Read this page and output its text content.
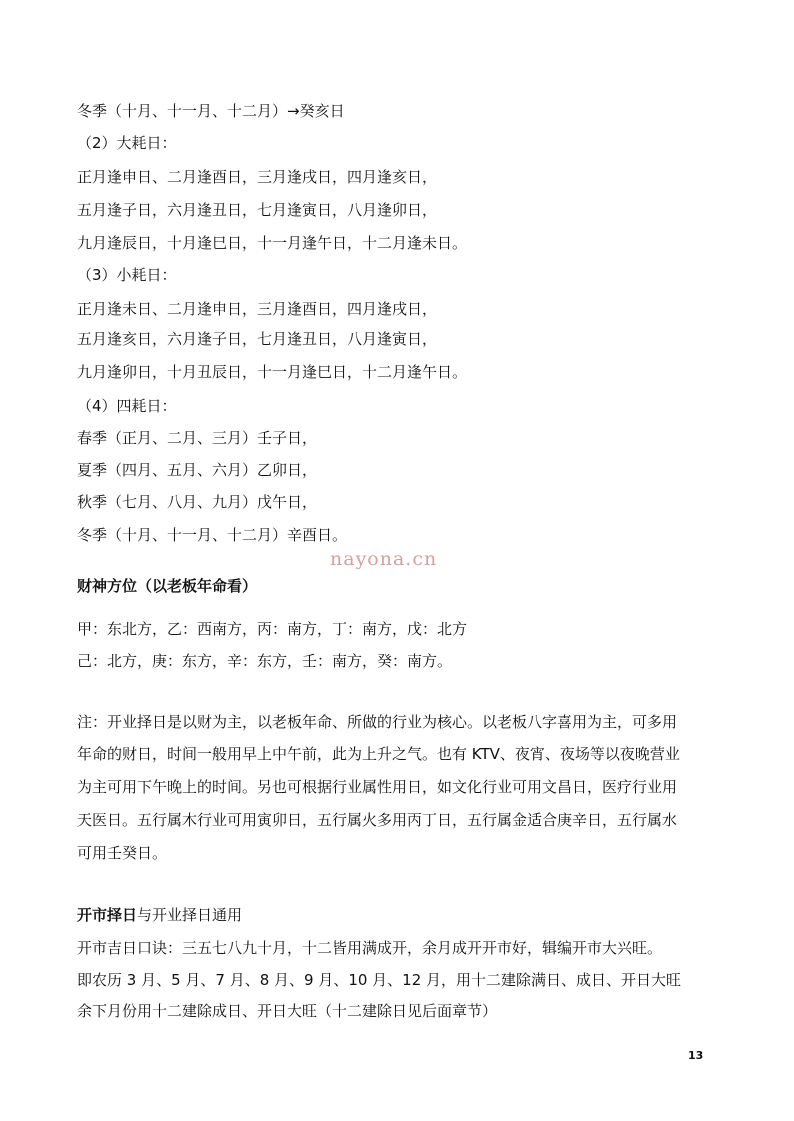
冬季（十月、十一月、十二月）→癸亥日
（2）大耗日：
正月逢申日、二月逢酉日，三月逢戌日，四月逢亥日，
五月逢子日，六月逢丑日，七月逢寅日，八月逢卯日，
九月逢辰日，十月逢巳日，十一月逢午日，十二月逢未日。
（3）小耗日：
正月逢未日、二月逢申日，三月逢酉日，四月逢戌日，
五月逢亥日，六月逢子日，七月逢丑日，八月逢寅日，
九月逢卯日，十月丑辰日，十一月逢巳日，十二月逢午日。
（4）四耗日：
春季（正月、二月、三月）壬子日，
夏季（四月、五月、六月）乙卯日，
秋季（七月、八月、九月）戊午日，
冬季（十月、十一月、十二月）辛酉日。
nayona.cn
财神方位（以老板年命看）
甲：东北方，乙：西南方，丙：南方，丁：南方，戊：北方
己：北方，庚：东方，辛：东方，壬：南方，癸：南方。
注：开业择日是以财为主，以老板年命、所做的行业为核心。以老板八字喜用为主，可多用
年命的财日，时间一般用早上中午前，此为上升之气。也有 KTV、夜宵、夜场等以夜晚营业
为主可用下午晚上的时间。另也可根据行业属性用日，如文化行业可用文昌日，医疗行业用
天医日。五行属木行业可用寅卯日，五行属火多用丙丁日，五行属金适合庚辛日，五行属水
可用壬癸日。
开市择日与开业择日通用
开市吉日口诀：三五七八九十月，十二皆用满成开，余月成开开市好，辑编开市大兴旺。
即农历 3 月、5 月、7 月、8 月、9 月、10 月、12 月，用十二建除满日、成日、开日大旺
余下月份用十二建除成日、开日大旺（十二建除日见后面章节）
13
